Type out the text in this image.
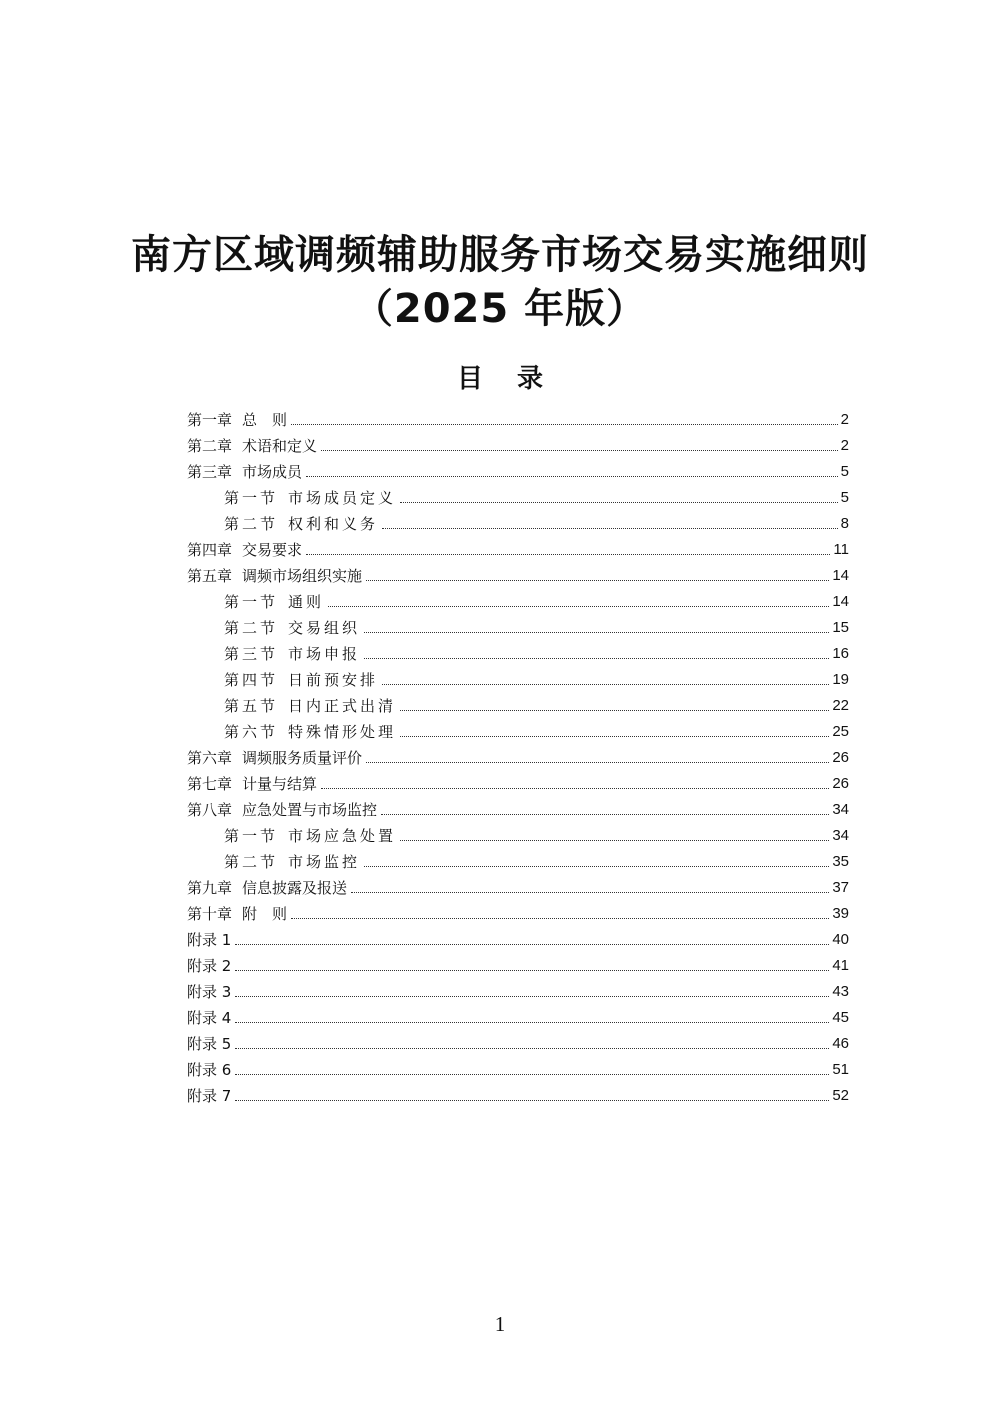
南方区域调频辅助服务市场交易实施细则
（2025 年版）
目录
第一章 总　则	2
第二章 术语和定义	2
第三章 市场成员	5
第一节 市场成员定义	5
第二节 权利和义务	8
第四章 交易要求	11
第五章 调频市场组织实施	14
第一节 通则	14
第二节 交易组织	15
第三节 市场申报	16
第四节 日前预安排	19
第五节 日内正式出清	22
第六节 特殊情形处理	25
第六章 调频服务质量评价	26
第七章 计量与结算	26
第八章 应急处置与市场监控	34
第一节 市场应急处置	34
第二节 市场监控	35
第九章 信息披露及报送	37
第十章 附　则	39
附录 1	40
附录 2	41
附录 3	43
附录 4	45
附录 5	46
附录 6	51
附录 7	52
1
